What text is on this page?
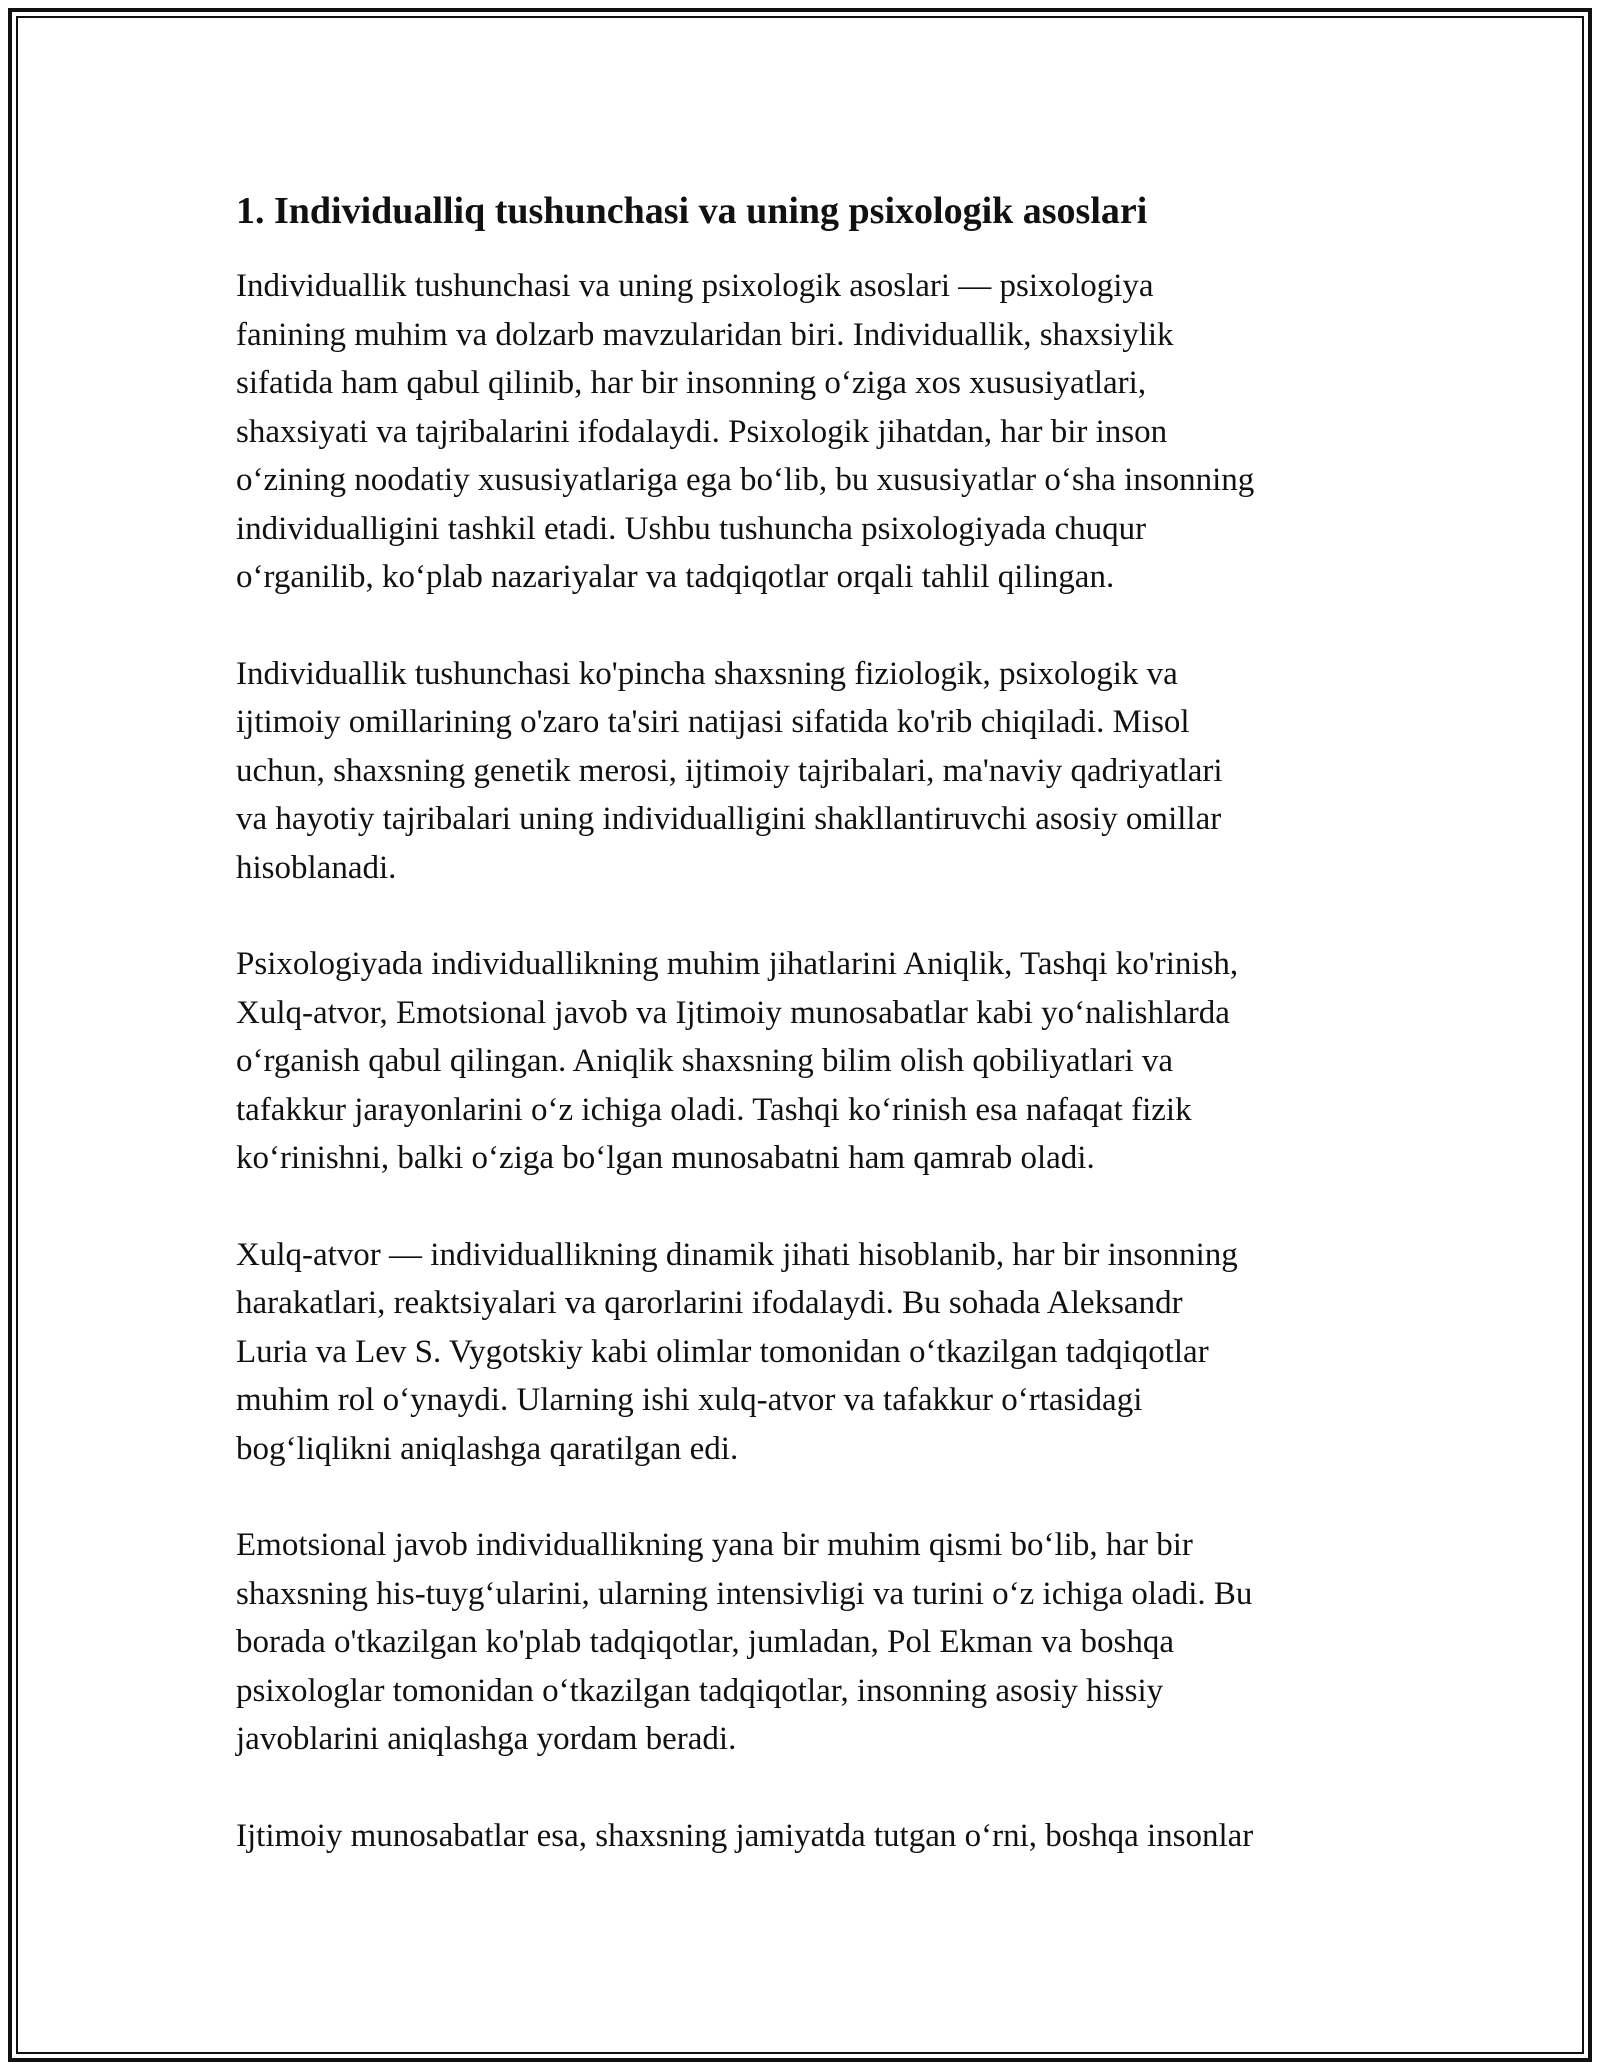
1. Individualliq tushunchasi va uning psixologik asoslari

Individuallik tushunchasi va uning psixologik asoslari — psixologiya
fanining muhim va dolzarb mavzularidan biri. Individuallik, shaxsiylik
sifatida ham qabul qilinib, har bir insonning oʻziga xos xususiyatlari,
shaxsiyati va tajribalarini ifodalaydi. Psixologik jihatdan, har bir inson
oʻzining noodatiy xususiyatlariga ega boʻlib, bu xususiyatlar oʻsha insonning
individualligini tashkil etadi. Ushbu tushuncha psixologiyada chuqur
oʻrganilib, koʻplab nazariyalar va tadqiqotlar orqali tahlil qilingan.

Individuallik tushunchasi ko'pincha shaxsning fiziologik, psixologik va
ijtimoiy omillarining o'zaro ta'siri natijasi sifatida ko'rib chiqiladi. Misol
uchun, shaxsning genetik merosi, ijtimoiy tajribalari, ma'naviy qadriyatlari
va hayotiy tajribalari uning individualligini shakllantiruvchi asosiy omillar
hisoblanadi.

Psixologiyada individuallikning muhim jihatlarini Aniqlik, Tashqi ko'rinish,
Xulq-atvor, Emotsional javob va Ijtimoiy munosabatlar kabi yoʻnalishlarda
oʻrganish qabul qilingan. Aniqlik shaxsning bilim olish qobiliyatlari va
tafakkur jarayonlarini oʻz ichiga oladi. Tashqi koʻrinish esa nafaqat fizik
koʻrinishni, balki oʻziga boʻlgan munosabatni ham qamrab oladi.

Xulq-atvor — individuallikning dinamik jihati hisoblanib, har bir insonning
harakatlari, reaktsiyalari va qarorlarini ifodalaydi. Bu sohada Aleksandr
Luria va Lev S. Vygotskiy kabi olimlar tomonidan oʻtkazilgan tadqiqotlar
muhim rol oʻynaydi. Ularning ishi xulq-atvor va tafakkur oʻrtasidagi
bogʻliqlikni aniqlashga qaratilgan edi.

Emotsional javob individuallikning yana bir muhim qismi boʻlib, har bir
shaxsning his-tuygʻularini, ularning intensivligi va turini oʻz ichiga oladi. Bu
borada o'tkazilgan ko'plab tadqiqotlar, jumladan, Pol Ekman va boshqa
psixologlar tomonidan oʻtkazilgan tadqiqotlar, insonning asosiy hissiy
javoblarini aniqlashga yordam beradi.

Ijtimoiy munosabatlar esa, shaxsning jamiyatda tutgan oʻrni, boshqa insonlar
